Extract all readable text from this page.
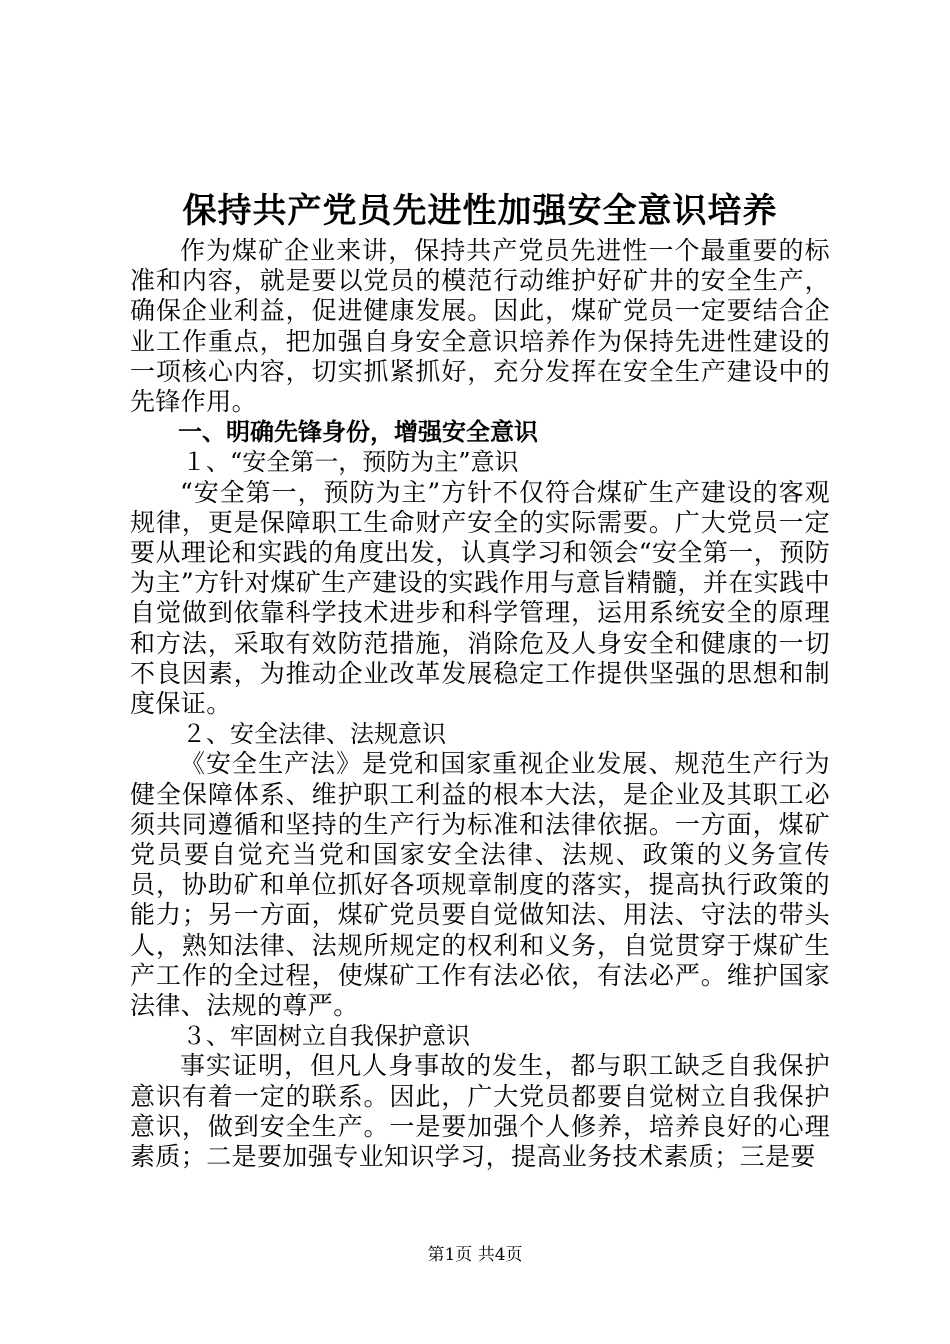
保持共产党员先进性加强安全意识培养

作为煤矿企业来讲，保持共产党员先进性一个最重要的标准和内容，就是要以党员的模范行动维护好矿井的安全生产，确保企业利益，促进健康发展。因此，煤矿党员一定要结合企业工作重点，把加强自身安全意识培养作为保持先进性建设的一项核心内容，切实抓紧抓好，充分发挥在安全生产建设中的先锋作用。

一、明确先锋身份，增强安全意识

１、“安全第一，预防为主”意识

“安全第一，预防为主”方针不仅符合煤矿生产建设的客观规律，更是保障职工生命财产安全的实际需要。广大党员一定要从理论和实践的角度出发，认真学习和领会“安全第一，预防为主”方针对煤矿生产建设的实践作用与意旨精髓，并在实践中自觉做到依靠科学技术进步和科学管理，运用系统安全的原理和方法，采取有效防范措施，消除危及人身安全和健康的一切不良因素，为推动企业改革发展稳定工作提供坚强的思想和制度保证。

２、安全法律、法规意识

《安全生产法》是党和国家重视企业发展、规范生产行为健全保障体系、维护职工利益的根本大法，是企业及其职工必须共同遵循和坚持的生产行为标准和法律依据。一方面，煤矿党员要自觉充当党和国家安全法律、法规、政策的义务宣传员，协助矿和单位抓好各项规章制度的落实，提高执行政策的能力；另一方面，煤矿党员要自觉做知法、用法、守法的带头人，熟知法律、法规所规定的权利和义务，自觉贯穿于煤矿生产工作的全过程，使煤矿工作有法必依，有法必严。维护国家法律、法规的尊严。

３、牢固树立自我保护意识

事实证明，但凡人身事故的发生，都与职工缺乏自我保护意识有着一定的联系。因此，广大党员都要自觉树立自我保护意识，做到安全生产。一是要加强个人修养，培养良好的心理素质；二是要加强专业知识学习，提高业务技术素质；三是要

第1页 共4页
